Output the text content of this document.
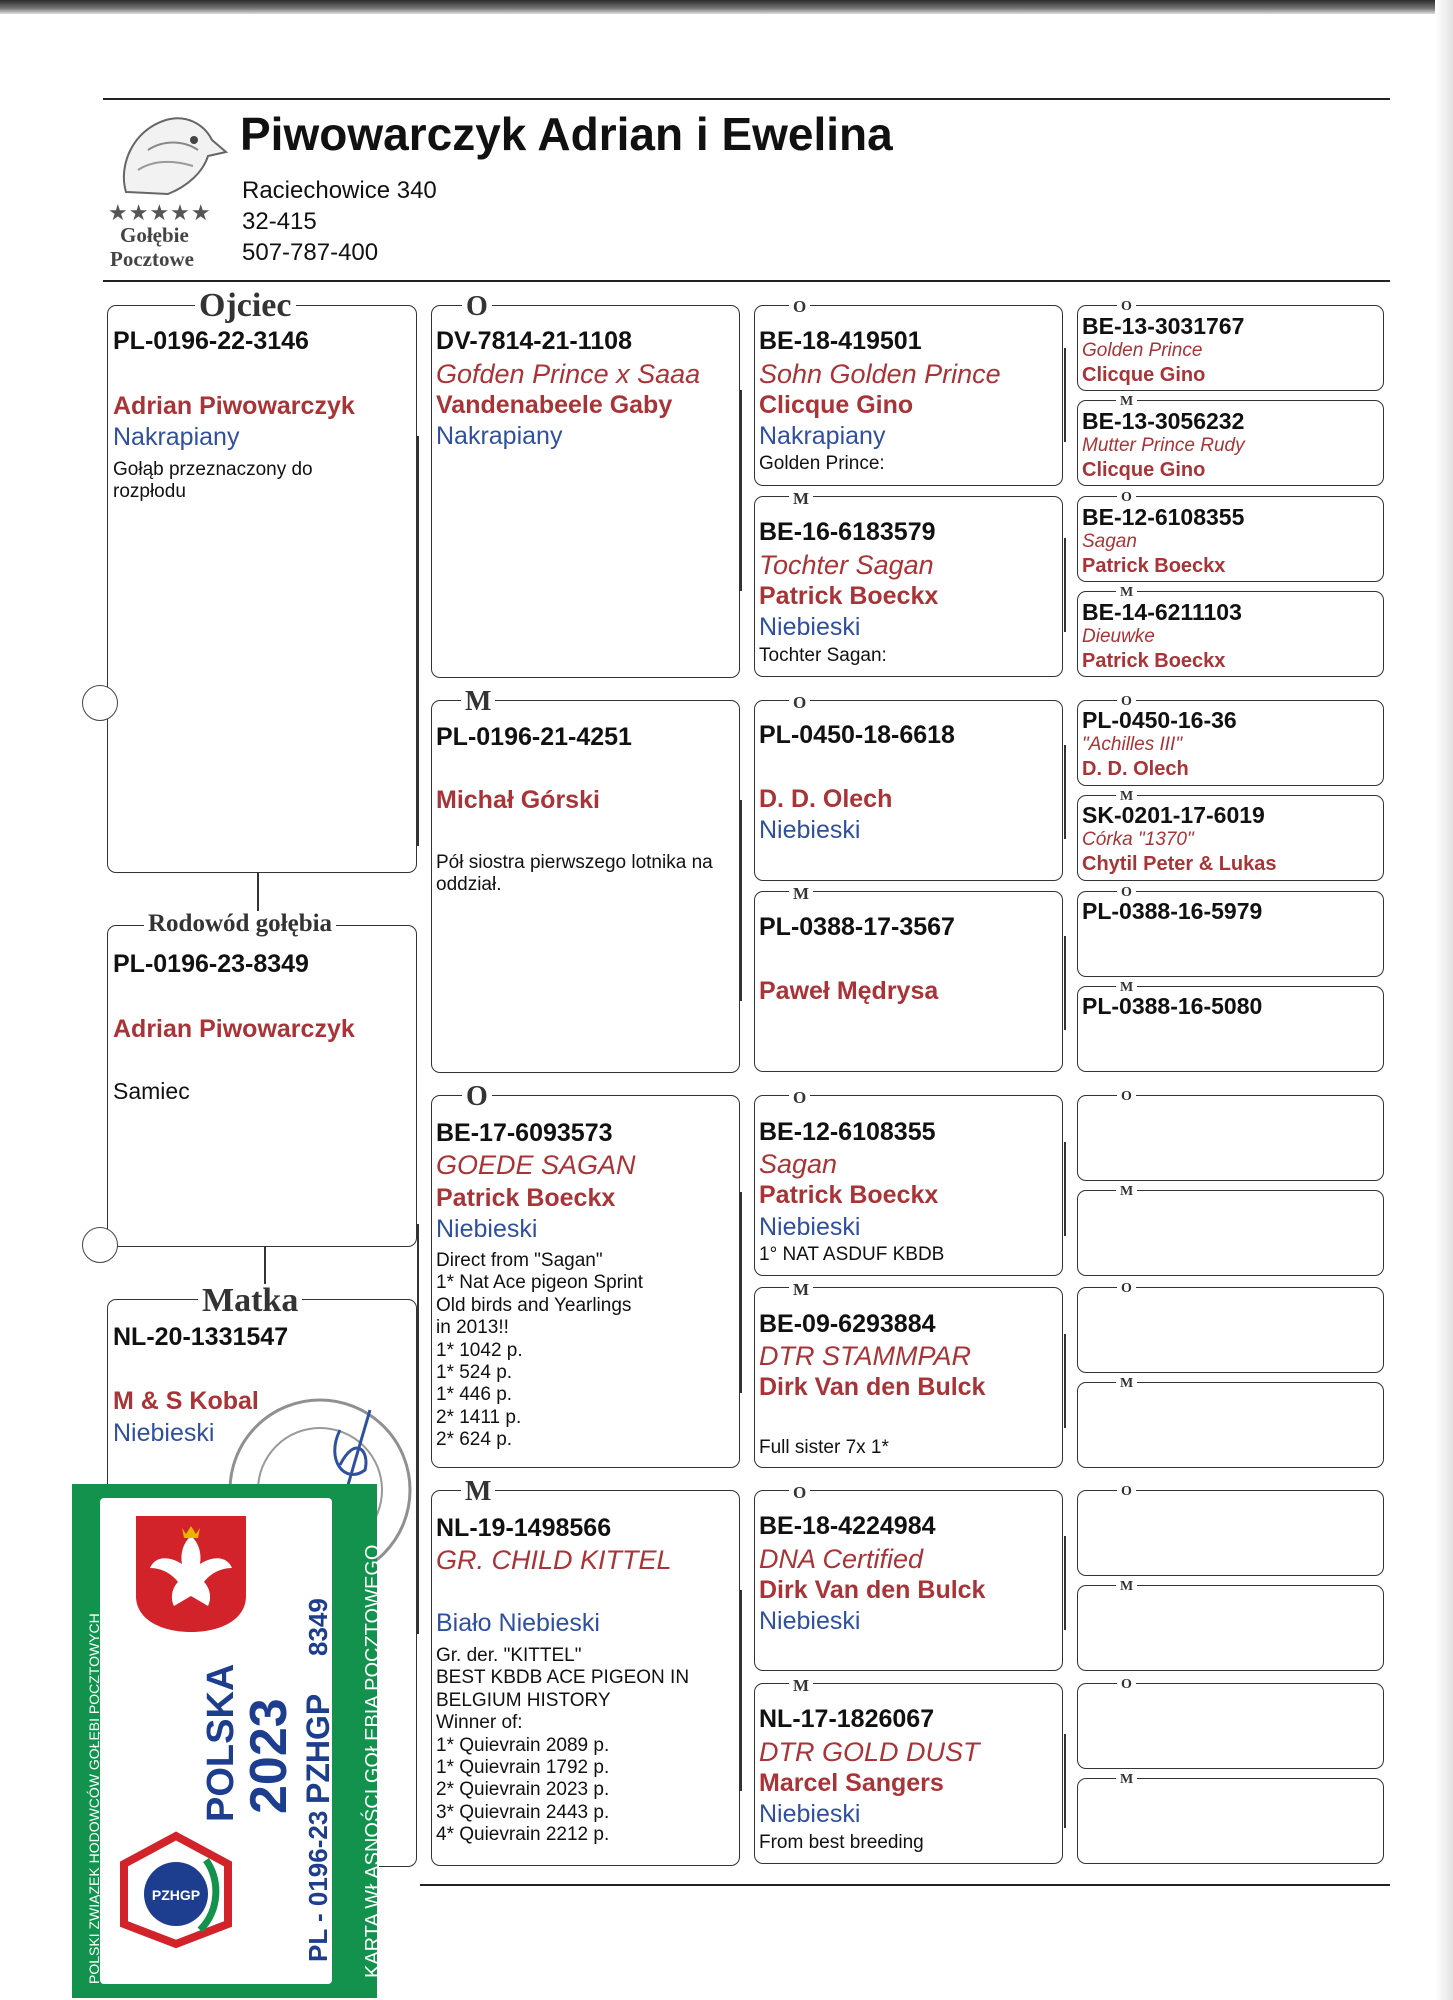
★★★★★
Gołębie
Pocztowe
Piwowarczyk Adrian i Ewelina
Raciechowice 340
32-415
507-787-400
Ojciec
PL-0196-22-3146
Adrian Piwowarczyk
Nakrapiany
Gołąb przeznaczony do rozpłodu
Rodowód gołębia
PL-0196-23-8349
Adrian Piwowarczyk
Samiec
Matka
NL-20-1331547
M & S Kobal
Niebieski
O
DV-7814-21-1108
Gofden Prince x Saaa
Vandenabeele Gaby
Nakrapiany
M
PL-0196-21-4251
Michał Górski
Pół siostra pierwszego lotnika na oddział.
O
BE-17-6093573
GOEDE SAGAN
Patrick Boeckx
Niebieski
Direct from "Sagan"
1* Nat Ace pigeon Sprint Old birds and Yearlings in 2013!!
1* 1042 p.
1* 524 p.
1* 446 p.
2* 1411 p.
2* 624 p.
M
NL-19-1498566
GR. CHILD KITTEL
Biało Niebieski
Gr. der. "KITTEL"
BEST KBDB ACE PIGEON IN BELGIUM HISTORY
Winner of:
1* Quievrain 2089 p.
1* Quievrain 1792 p.
2* Quievrain 2023 p.
3* Quievrain 2443 p.
4* Quievrain 2212 p.
O
BE-18-419501
Sohn Golden Prince
Clicque Gino
Nakrapiany
Golden Prince:
M
BE-16-6183579
Tochter Sagan
Patrick Boeckx
Niebieski
Tochter Sagan:
O
PL-0450-18-6618
D. D. Olech
Niebieski
M
PL-0388-17-3567
Paweł Mędrysa
O
BE-12-6108355
Sagan
Patrick Boeckx
Niebieski
1° NAT ASDUF KBDB
M
BE-09-6293884
DTR STAMMPAR
Dirk Van den Bulck
Full sister 7x 1*
O
BE-18-4224984
DNA Certified
Dirk Van den Bulck
Niebieski
M
NL-17-1826067
DTR GOLD DUST
Marcel Sangers
Niebieski
From best breeding
O
BE-13-3031767
Golden Prince
Clicque Gino
M
BE-13-3056232
Mutter Prince Rudy
Clicque Gino
O
BE-12-6108355
Sagan
Patrick Boeckx
M
BE-14-6211103
Dieuwke
Patrick Boeckx
O
PL-0450-16-36
"Achilles III"
D. D. Olech
M
SK-0201-17-6019
Córka "1370"
Chytil Peter & Lukas
O
PL-0388-16-5979
M
PL-0388-16-5080
O
M
O
M
O
M
O
M
POLSKI ZWIĄZEK HODOWCÓW GOŁĘBI POCZTOWYCH	KARTA WŁASNOŚCI GOŁĘBIA POCZTOWEGO
POLSKA
2023 PZHGP
8349
PZHGP	PL - 0196-23
